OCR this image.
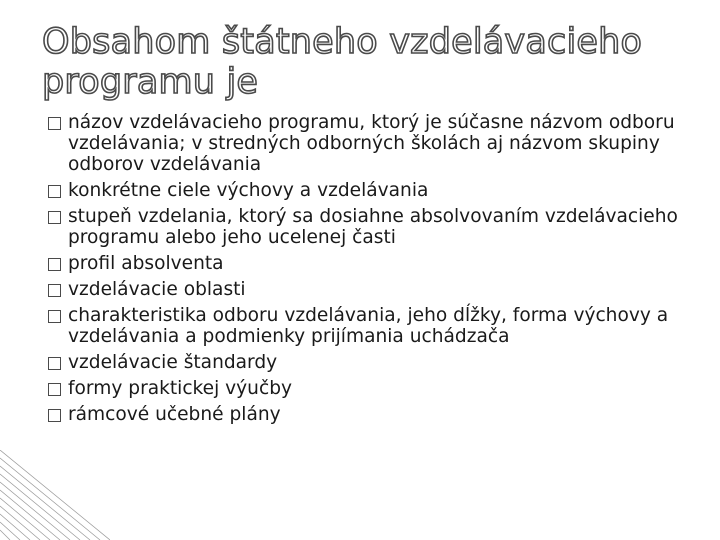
Obsahom štátneho vzdelávacieho
programu je
názov vzdelávacieho programu, ktorý je súčasne názvom odboru vzdelávania; v stredných odborných školách aj názvom skupiny odborov vzdelávania
konkrétne ciele výchovy a vzdelávania
stupeň vzdelania, ktorý sa dosiahne absolvovaním vzdelávacieho programu alebo jeho ucelenej časti
profil absolventa
vzdelávacie oblasti
charakteristika odboru vzdelávania, jeho dĺžky, forma výchovy a vzdelávania a podmienky prijímania uchádzača
vzdelávacie štandardy
formy praktickej výučby
rámcové učebné plány
